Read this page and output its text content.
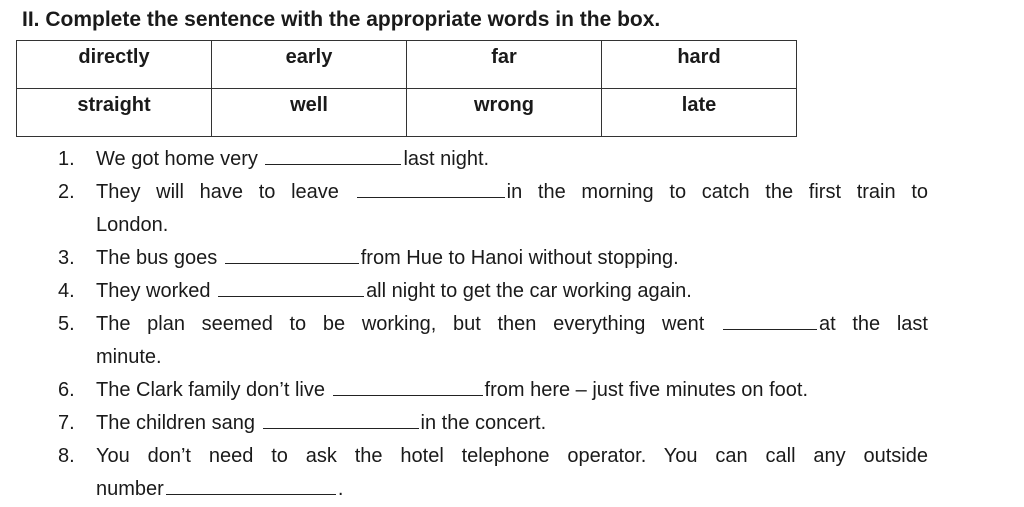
II. Complete the sentence with the appropriate words in the box.
directly	early	far	hard
straight	well	wrong	late
1. We got home very	last night.
2. They will have to leave	in the morning to catch the first train to
London.
3. The bus goes	from Hue to Hanoi without stopping.
4. They worked	all night to get the car working again.
5. The plan seemed to be working, but then everything went	at the last
minute.
6. The Clark family don’t live	from here – just five minutes on foot.
7. The children sang	in the concert.
8. You don’t need to ask the hotel telephone operator. You can call any outside
number	.
